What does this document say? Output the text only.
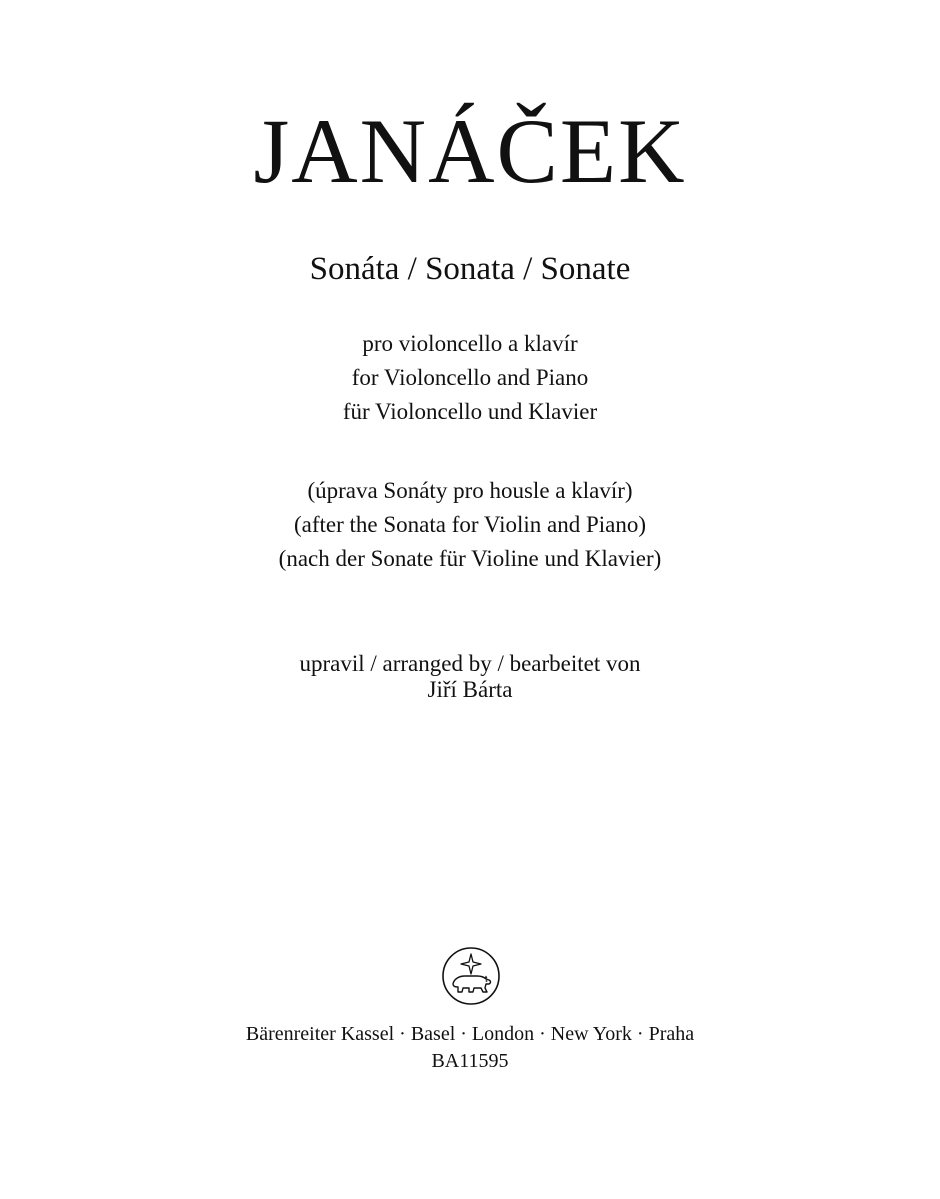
JANÁČEK
Sonáta / Sonata / Sonate
pro violoncello a klavír
for Violoncello and Piano
für Violoncello und Klavier
(úprava Sonáty pro housle a klavír)
(after the Sonata for Violin and Piano)
(nach der Sonate für Violine und Klavier)
upravil / arranged by / bearbeitet von
Jiří Bárta
Bärenreiter Kassel · Basel · London · New York · Praha
BA11595
